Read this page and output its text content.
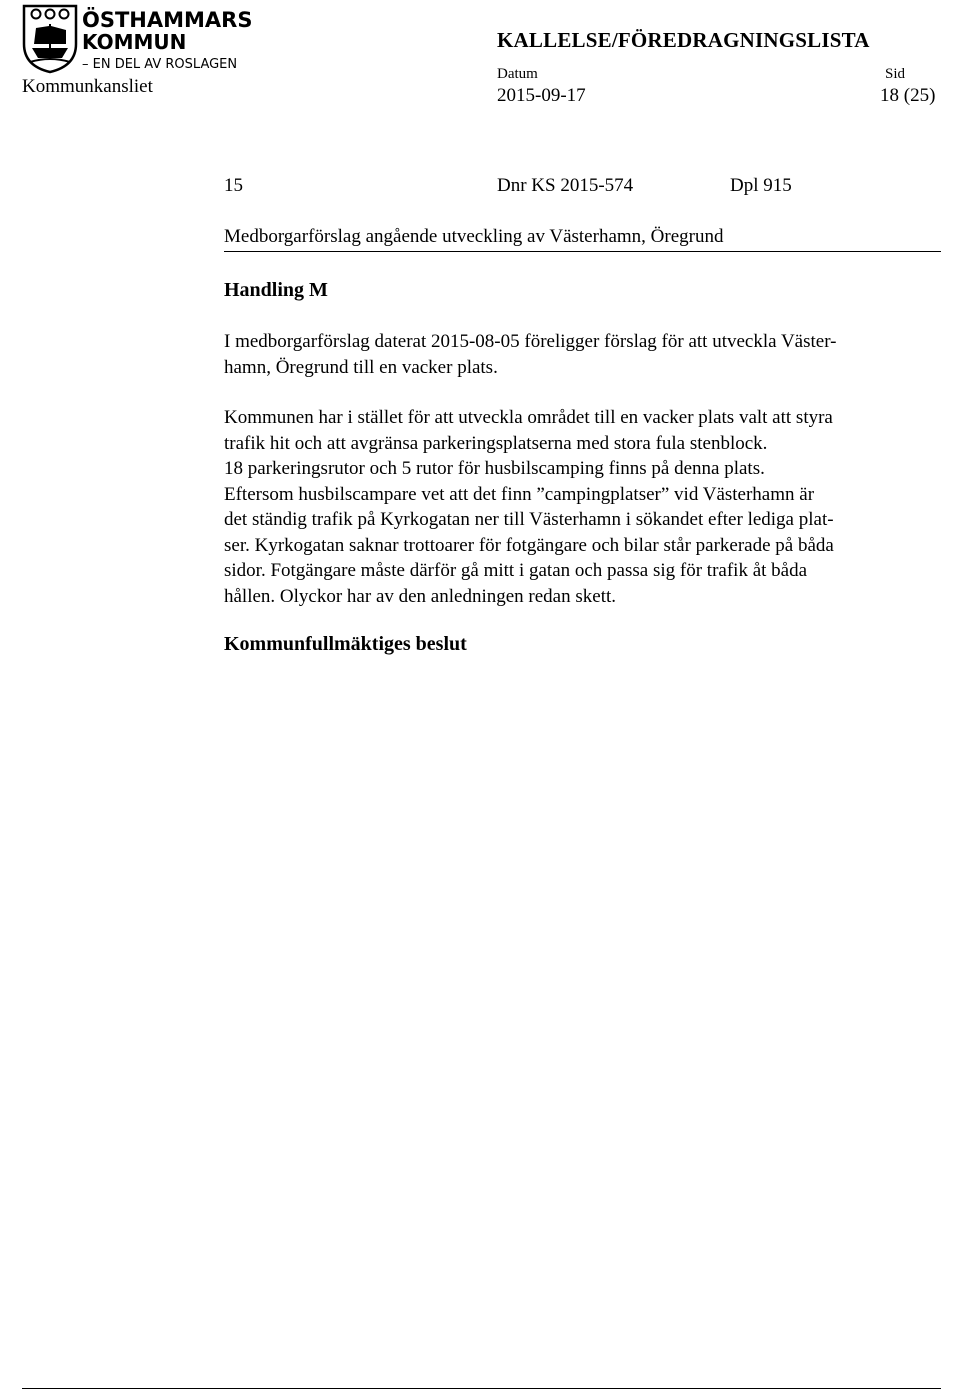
ÖSTHAMMARS
KOMMUN
– EN DEL AV ROSLAGEN
KALLELSE/FÖREDRAGNINGSLISTA
Kommunkansliet
Datum	Sid
2015-09-17	18 (25)
15	Dnr KS 2015-574	Dpl 915
Medborgarförslag angående utveckling av Västerhamn, Öregrund
Handling M
I medborgarförslag daterat 2015-08-05 föreligger förslag för att utveckla Väster-
hamn, Öregrund till en vacker plats.
Kommunen har i stället för att utveckla området till en vacker plats valt att styra
trafik hit och att avgränsa parkeringsplatserna med stora fula stenblock.
18 parkeringsrutor och 5 rutor för husbilscamping finns på denna plats.
Eftersom husbilscampare vet att det finn ”campingplatser” vid Västerhamn är
det ständig trafik på Kyrkogatan ner till Västerhamn i sökandet efter lediga plat-
ser. Kyrkogatan saknar trottoarer för fotgängare och bilar står parkerade på båda
sidor. Fotgängare måste därför gå mitt i gatan och passa sig för trafik åt båda
hållen. Olyckor har av den anledningen redan skett.
Kommunfullmäktiges beslut
